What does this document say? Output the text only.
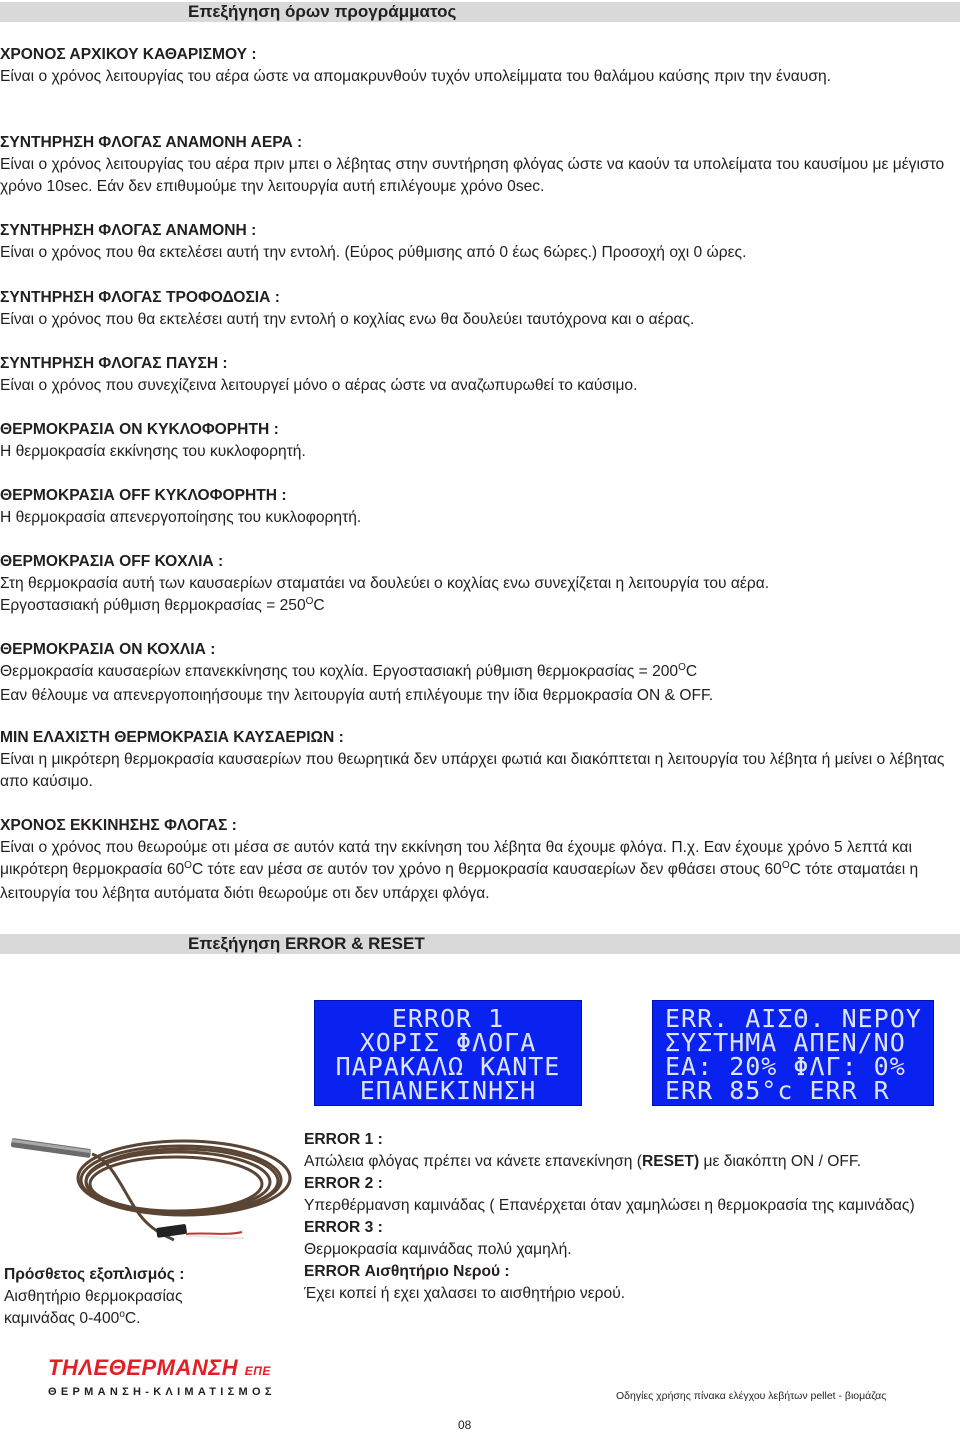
Επεξήγηση όρων προγράμματος
ΧΡΟΝΟΣ ΑΡΧΙΚΟΥ ΚΑΘΑΡΙΣΜΟΥ :
Είναι ο χρόνος λειτουργίας του αέρα ώστε να απομακρυνθούν τυχόν υπολείμματα του θαλάμου καύσης πριν την έναυση.
ΣΥΝΤΗΡΗΣΗ ΦΛΟΓΑΣ ΑΝΑΜΟΝΗ ΑΕΡΑ :
Είναι ο χρόνος λειτουργίας του αέρα πριν μπει ο λέβητας στην συντήρηση φλόγας ώστε να καούν τα υπολείματα του καυσίμου με μέγιστο χρόνο 10sec. Εάν δεν επιθυμούμε την λειτουργία αυτή επιλέγουμε χρόνο 0sec.
ΣΥΝΤΗΡΗΣΗ ΦΛΟΓΑΣ ΑΝΑΜΟΝΗ :
Είναι ο χρόνος που θα εκτελέσει αυτή την εντολή. (Εύρος ρύθμισης από 0 έως 6ώρες.) Προσοχή οχι 0 ώρες.
ΣΥΝΤΗΡΗΣΗ ΦΛΟΓΑΣ ΤΡΟΦΟΔΟΣΙΑ :
Είναι ο χρόνος που θα εκτελέσει αυτή την εντολή ο κοχλίας ενω θα δουλεύει ταυτόχρονα και ο αέρας.
ΣΥΝΤΗΡΗΣΗ ΦΛΟΓΑΣ ΠΑΥΣΗ :
Είναι ο χρόνος που συνεχίζεινα λειτουργεί μόνο ο αέρας ώστε να αναζωπυρωθεί το καύσιμο.
ΘΕΡΜΟΚΡΑΣΙΑ ON ΚΥΚΛΟΦΟΡΗΤΗ :
Η θερμοκρασία εκκίνησης του κυκλοφορητή.
ΘΕΡΜΟΚΡΑΣΙΑ OFF ΚΥΚΛΟΦΟΡΗΤΗ :
Η θερμοκρασία απενεργοποίησης του κυκλοφορητή.
ΘΕΡΜΟΚΡΑΣΙΑ OFF ΚΟΧΛΙΑ :
Στη θερμοκρασία αυτή των καυσαερίων σταματάει να δουλεύει ο κοχλίας ενω συνεχίζεται η λειτουργία του αέρα.
Εργοστασιακή ρύθμιση $\theta\varepsilon\rho\mu o\kappa\rho\alpha\sigma ί\alpha\varsigma = 250^OC$
ΘΕΡΜΟΚΡΑΣΙΑ ON ΚΟΧΛΙΑ :
Θερμοκρασία καυσαερίων επανεκκίνησης του κοχλία. Εργοστασιακή ρύθμιση $\theta\varepsilon\rho\mu o\kappa\rho\alpha\sigma ί\alpha\varsigma = 200^OC$
Εαν θέλουμε να απενεργοποιηήσουμε την λειτουργία αυτή επιλέγουμε την ίδια θερμοκρασία ON & OFF.
MIN ΕΛΑΧΙΣΤΗ ΘΕΡΜΟΚΡΑΣΙΑ ΚΑΥΣΑΕΡΙΩΝ :
Είναι η μικρότερη θερμοκρασία καυσαερίων που θεωρητικά δεν υπάρχει φωτιά και διακόπτεται η λειτουργία του λέβητα ή μείνει ο λέβητας απο καύσιμο.
ΧΡΟΝΟΣ ΕΚΚΙΝΗΣΗΣ ΦΛΟΓΑΣ :
Είναι ο χρόνος που θεωρούμε οτι μέσα σε αυτόν κατά την εκκίνηση του λέβητα θα έχουμε φλόγα. Π.χ. Εαν έχουμε χρόνο 5 λεπτά και μικρότερη θερμοκρασία $60^OC$ τότε εαν μέσα σε αυτόν τον χρόνο η θερμοκρασία καυσαερίων δεν φθάσει στους $60^OC$ τότε σταματάει η λειτουργία του λέβητα αυτόματα διότι θεωρούμε οτι δεν υπάρχει φλόγα.
Επεξήγηση ERROR & RESET
ERROR 1
ΧΟΡΙΣ ΦΛΟΓΑ
ΠΑΡΑΚΑΛΩ ΚΑΝΤΕ
ΕΠΑΝΕΚΙΝΗΣΗ
ERR. ΑΙΣΘ. ΝΕΡΟΥ
ΣΥΣΤΗΜΑ ΑΠΕΝ/ΝΟ
EA: 20% ΦΛΓ: 0%
ERR 85°c ERR R
Πρόσθετος εξοπλισμός :
Αισθητήριο θερμοκρασίας
καμινάδας 0-400$^o$C.
ERROR 1 :
Απώλεια φλόγας πρέπει να κάνετε επανεκίνηση (RESET) με διακόπτη ON / OFF.
ERROR 2 :
Υπερθέρμανση καμινάδας ( Επανέρχεται όταν χαμηλώσει η θερμοκρασία της καμινάδας)
ERROR 3 :
Θερμοκρασία καμινάδας πολύ χαμηλή.
ERROR Αισθητήριο Νερού :
Έχει κοπεί ή εχει χαλασει το αισθητήριο νερού.
ΤΗΛΕΘΕΡΜΑΝΣΗ ΕΠΕ
ΘΕΡΜΑΝΣΗ-ΚΛΙΜΑΤΙΣΜΟΣ	Οδηγίες χρήσης πίνακα ελέγχου λεβήτων pellet - βιομάζας
08
